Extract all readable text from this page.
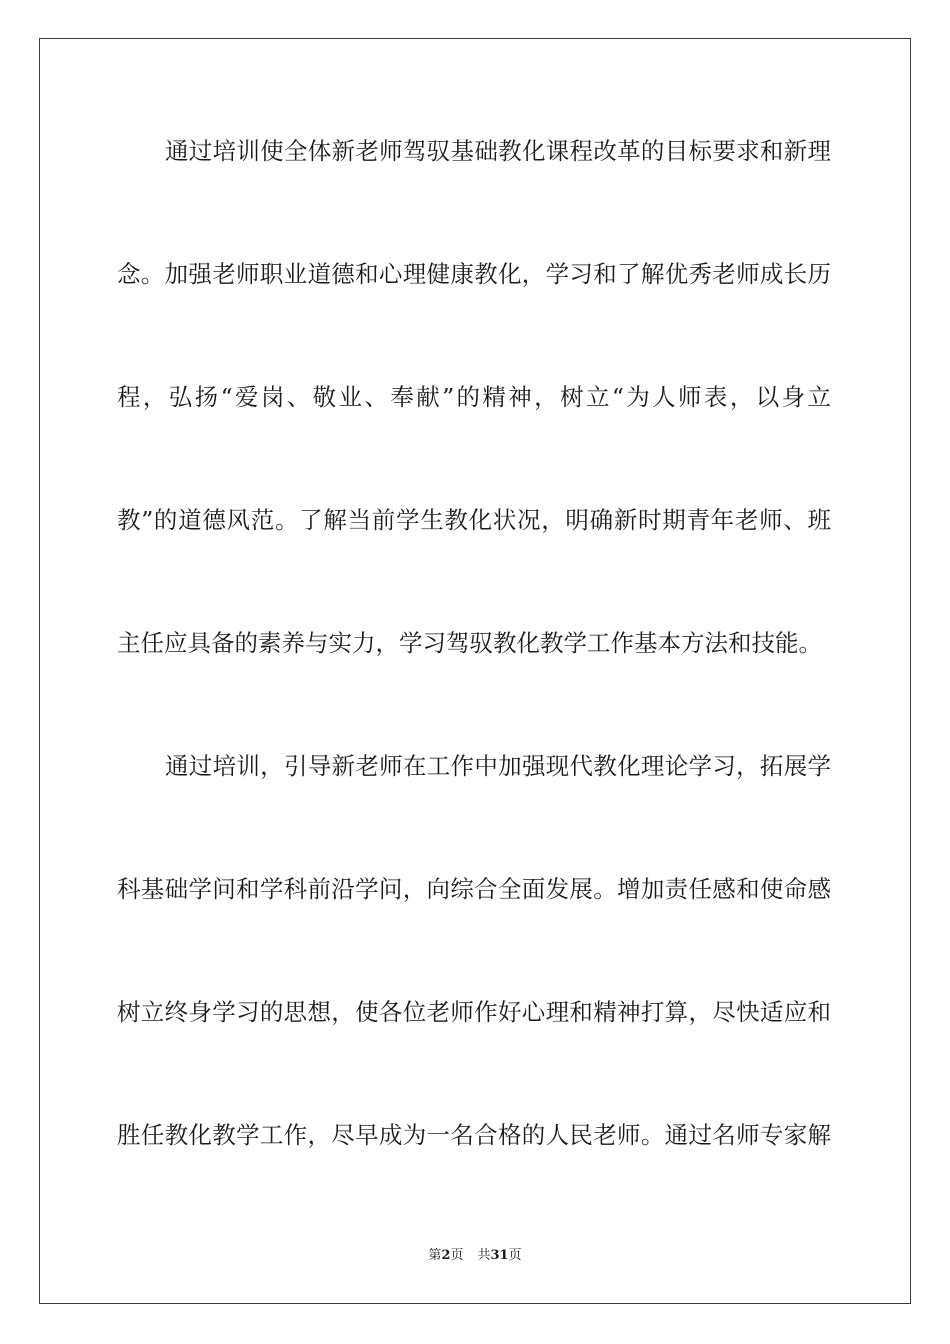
通过培训使全体新老师驾驭基础教化课程改革的目标要求和新理
念。加强老师职业道德和心理健康教化，学习和了解优秀老师成长历
程，弘扬“爱岗、敬业、奉献”的精神，树立“为人师表，以身立
教”的道德风范。了解当前学生教化状况，明确新时期青年老师、班
主任应具备的素养与实力，学习驾驭教化教学工作基本方法和技能。
通过培训，引导新老师在工作中加强现代教化理论学习，拓展学
科基础学问和学科前沿学问，向综合全面发展。增加责任感和使命感
树立终身学习的思想，使各位老师作好心理和精神打算，尽快适应和
胜任教化教学工作，尽早成为一名合格的人民老师。通过名师专家解
第2页 共31页
